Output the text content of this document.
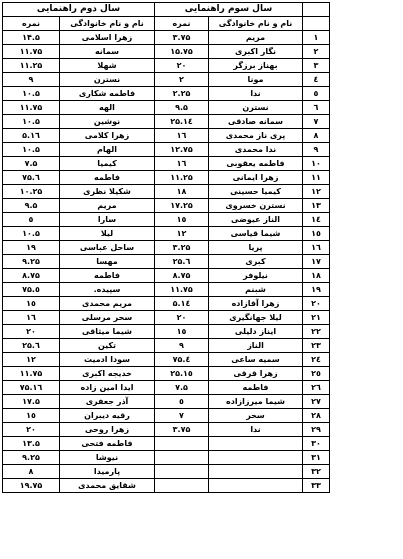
	سال سوم راهنمایی		سال دوم راهنمایی	
	نام و نام خانوادگی	نمره	نام و نام خانوادگی	نمره
۱	مریم	۳.۷۵	زهرا اسلامی	۱۴.۵
۲	نگار اکبری	۱۵.۷۵	سمانه	۱۱.۷۵
۳	بهناز برزگر	۲۰	شهلا	۱۱.۲۵
٤	مونا	۲	نسترن	۹
٥	ندا	۲.۲۵	فاطمه شکاری	۱۰.۵
٦	نسترن	۹.۵	الهه	۱۱.۷۵
۷	سمانه صادقی	۱٤.۲۵	نوشین	۱۰.۵
۸	پری ناز محمدی	۱٦	زهرا کلامی	۱٦.۵
۹	ندا محمدی	۱۲.۷۵	الهام	۱۰.۵
۱۰	فاطمه یعقوبی	۱٦	کیمیا	۷.۵
۱۱	زهرا ایمانی	۱۱.۲۵	فاطمه	٦.۷۵
۱۲	کیمیا حسینی	۱۸	شکیلا نظری	۱۰.۲۵
۱۳	نسترن خسروی	۱۷.۲۵	مریم	۹.۵
۱٤	الناز عیوضی	۱٥	سارا	٥
۱٥	شیما قیاسی	۱۲	لیلا	۱۰.۵
۱٦	پریا	۳.۲۵	ساحل عباسی	۱۹
۱۷	کبری	٦.۲۵	مهسا	۹.۲۵
۱۸	نیلوفر	۸.۷۵	فاطمه	۸.۷۵
۱۹	شبنم	۱۱.۷۵	سپیده.	٥.۷۵
۲۰	زهرا آقازاده	۱٤.۵	مریم محمدی	۱٥
۲۱	لیلا جهانگیری	۲۰	سحر مرسلی	۱٦
۲۲	ایناز دلیلی	۱٥	شیما میثاقی	۲۰
۲۳	الناز	۹	تکین	٦.۲۵
۲٤	سمیه ساعی	٤.۷۵	سودا ادمیت	۱۲
۲٥	زهرا قرقی	۱٥.۲۵	خدیجه اکبری	۱۱.۷۵
۲٦	فاطمه	۷.۵	ایدا امین زاده	۱٦.۷۵
۲۷	شیما میرزازاده	٥	آذر جعفری	۱۷.۵
۲۸	سحر	۷	رقیه دیبران	۱٥
۲۹	ندا	۳.۷۵	زهرا روحی	۲۰
۳۰			فاطمه فتحی	۱۳.۵
۳۱			نیوشا	۹.۲۵
۳۲			پارمیدا	۸
۳۳			شقایق محمدی	۱۹.۷۵
